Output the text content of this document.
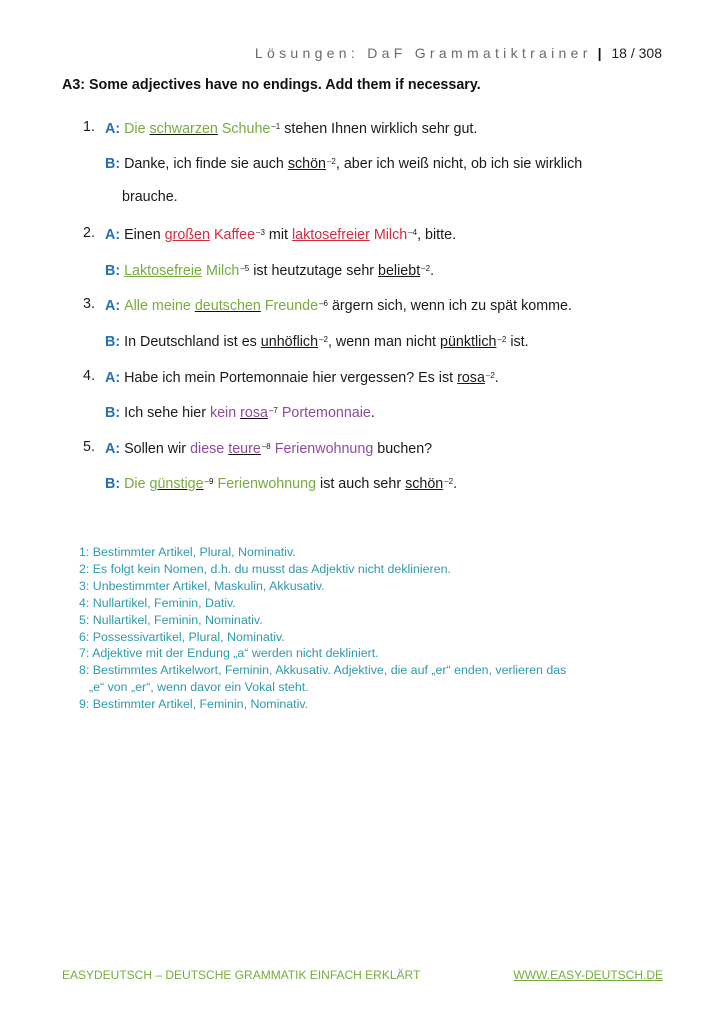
Lösungen: DaF Grammatiktrainer | 18 / 308
A3: Some adjectives have no endings. Add them if necessary.
1. A: Die schwarzen Schuhe$^{-1}$ stehen Ihnen wirklich sehr gut.
B: Danke, ich finde sie auch schön$^{-2}$, aber ich weiß nicht, ob ich sie wirklich
brauche.
2. A: Einen großen Kaffee$^{-3}$ mit laktosefreier Milch$^{-4}$, bitte.
B: Laktosefreie Milch$^{-5}$ ist heutzutage sehr beliebt$^{-2}$.
3. A: Alle meine deutschen Freunde$^{-6}$ ärgern sich, wenn ich zu spät komme.
B: In Deutschland ist es unhöflich$^{-2}$, wenn man nicht pünktlich$^{-2}$ ist.
4. A: Habe ich mein Portemonnaie hier vergessen? Es ist rosa$^{-2}$.
B: Ich sehe hier kein rosa$^{-7}$ Portemonnaie.
5. A: Sollen wir diese teure$^{-8}$ Ferienwohnung buchen?
B: Die günstige$^{-9}$ Ferienwohnung ist auch sehr schön$^{-2}$.
1: Bestimmter Artikel, Plural, Nominativ.
2: Es folgt kein Nomen, d.h. du musst das Adjektiv nicht deklinieren.
3: Unbestimmter Artikel, Maskulin, Akkusativ.
4: Nullartikel, Feminin, Dativ.
5: Nullartikel, Feminin, Nominativ.
6: Possessivartikel, Plural, Nominativ.
7: Adjektive mit der Endung „a“ werden nicht dekliniert.
8: Bestimmtes Artikelwort, Feminin, Akkusativ. Adjektive, die auf „er“ enden, verlieren das
„e“ von „er“, wenn davor ein Vokal steht.
9: Bestimmter Artikel, Feminin, Nominativ.
EASYDEUTSCH – DEUTSCHE GRAMMATIK EINFACH ERKLÄRT	WWW.EASY-DEUTSCH.DE
